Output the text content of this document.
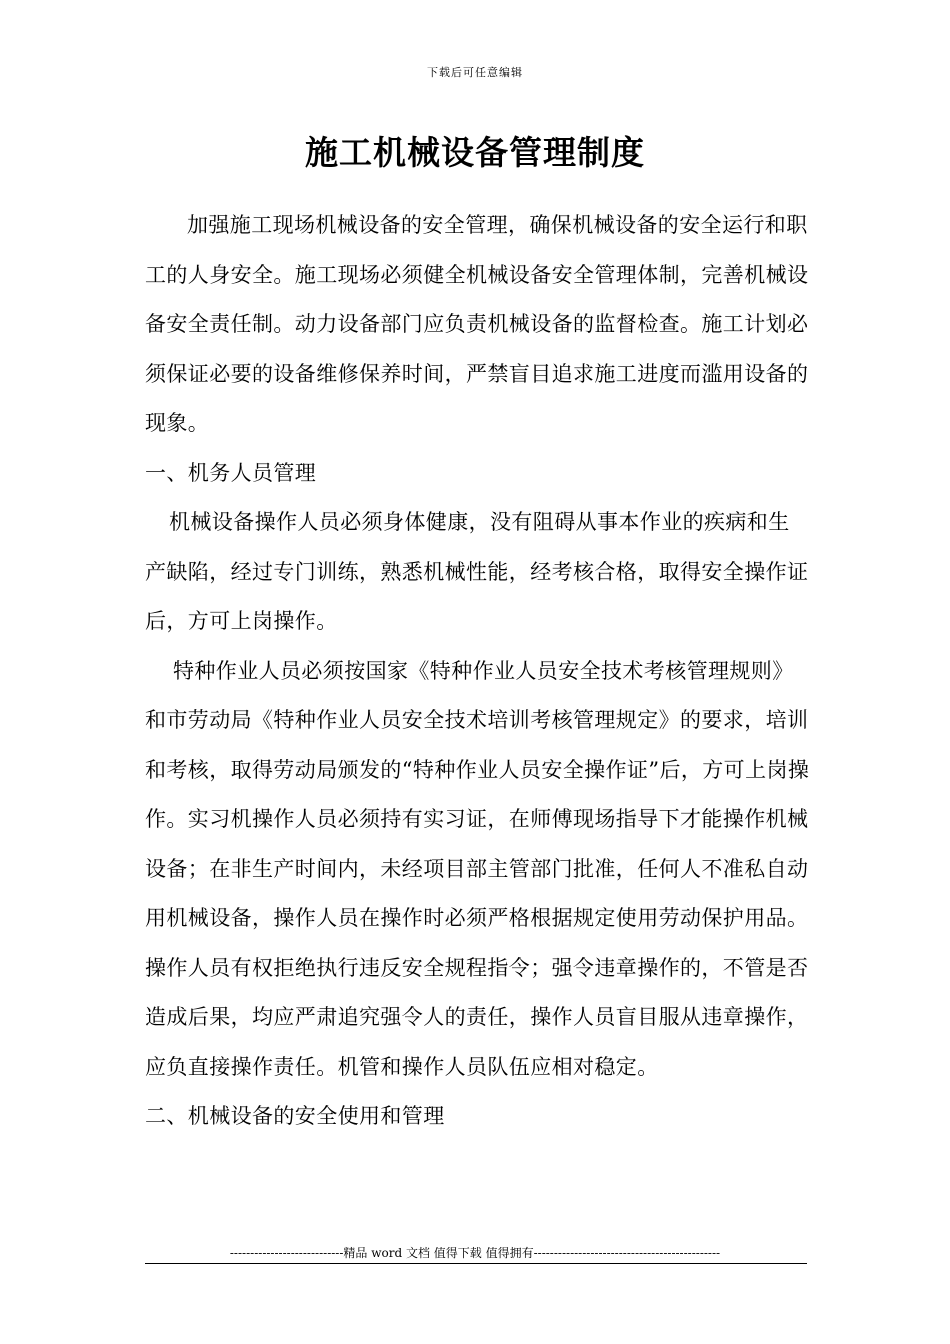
下载后可任意编辑
施工机械设备管理制度

加强施工现场机械设备的安全管理，确保机械设备的安全运行和职工的人身安全。施工现场必须健全机械设备安全管理体制，完善机械设备安全责任制。动力设备部门应负责机械设备的监督检查。施工计划必须保证必要的设备维修保养时间，严禁盲目追求施工进度而滥用设备的现象。

一、机务人员管理

机械设备操作人员必须身体健康，没有阻碍从事本作业的疾病和生产缺陷，经过专门训练，熟悉机械性能，经考核合格，取得安全操作证后，方可上岗操作。

特种作业人员必须按国家《特种作业人员安全技术考核管理规则》和市劳动局《特种作业人员安全技术培训考核管理规定》的要求，培训和考核，取得劳动局颁发的“特种作业人员安全操作证”后，方可上岗操作。实习机操作人员必须持有实习证，在师傅现场指导下才能操作机械设备；在非生产时间内，未经项目部主管部门批准，任何人不准私自动用机械设备，操作人员在操作时必须严格根据规定使用劳动保护用品。操作人员有权拒绝执行违反安全规程指令；强令违章操作的，不管是否造成后果，均应严肃追究强令人的责任，操作人员盲目服从违章操作，应负直接操作责任。机管和操作人员队伍应相对稳定。

二、机械设备的安全使用和管理

----------------------------精品 word 文档 值得下载 值得拥有----------------------------------------------
